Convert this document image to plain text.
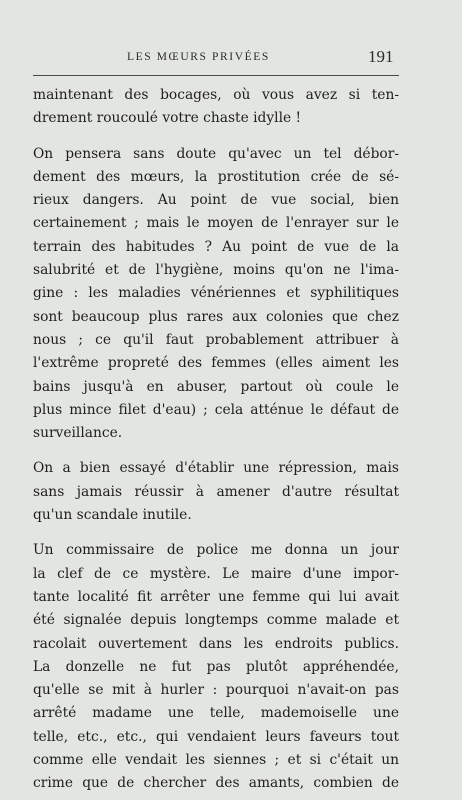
LES MŒURS PRIVÉES	191
maintenant des bocages, où vous avez si ten-
drement roucoulé votre chaste idylle !
On pensera sans doute qu'avec un tel débor-
dement des mœurs, la prostitution crée de sé-
rieux dangers. Au point de vue social, bien
certainement ; mais le moyen de l'enrayer sur le
terrain des habitudes ? Au point de vue de la
salubrité et de l'hygiène, moins qu'on ne l'ima-
gine : les maladies vénériennes et syphilitiques
sont beaucoup plus rares aux colonies que chez
nous ; ce qu'il faut probablement attribuer à
l'extrême propreté des femmes (elles aiment les
bains jusqu'à en abuser, partout où coule le
plus mince filet d'eau) ; cela atténue le défaut de
surveillance.
On a bien essayé d'établir une répression, mais
sans jamais réussir à amener d'autre résultat
qu'un scandale inutile.
Un commissaire de police me donna un jour
la clef de ce mystère. Le maire d'une impor-
tante localité fit arrêter une femme qui lui avait
été signalée depuis longtemps comme malade et
racolait ouvertement dans les endroits publics.
La donzelle ne fut pas plutôt appréhendée,
qu'elle se mit à hurler : pourquoi n'avait-on pas
arrêté madame une telle, mademoiselle une
telle, etc., etc., qui vendaient leurs faveurs tout
comme elle vendait les siennes ; et si c'était un
crime que de chercher des amants, combien de
